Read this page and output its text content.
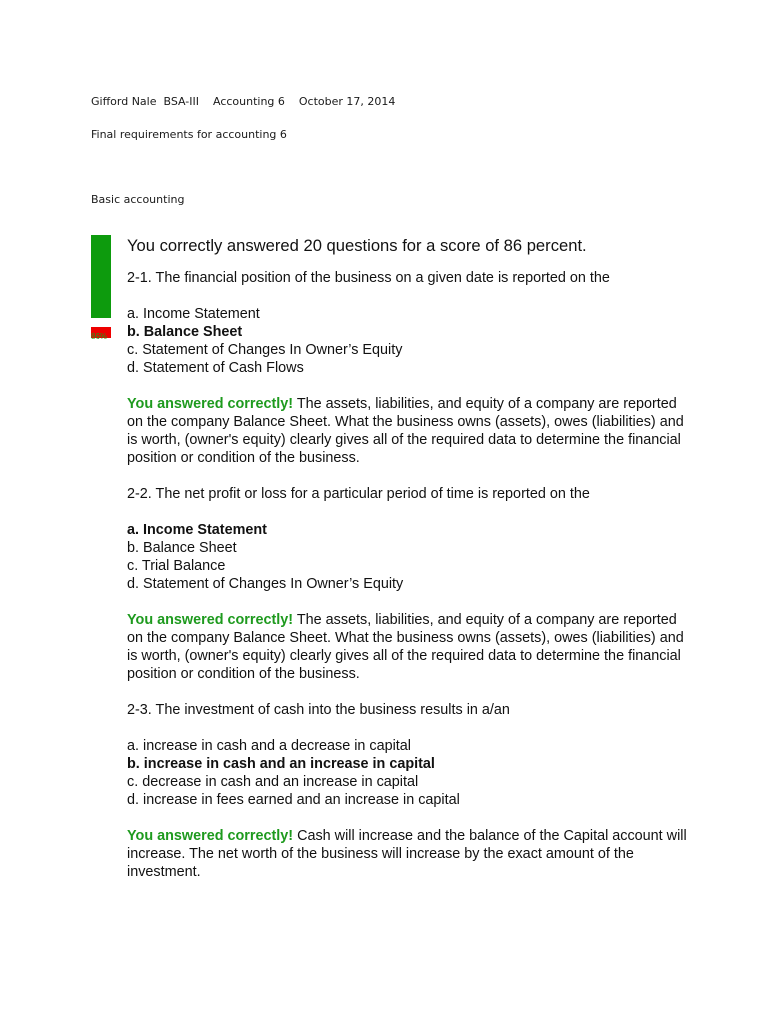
Gifford Nale  BSA-III    Accounting 6    October 17, 2014
Final requirements for accounting 6
Basic accounting
86%
You correctly answered 20 questions for a score of 86 percent.
2-1. The financial position of the business on a given date is reported on the
a. Income Statement
b. Balance Sheet
c. Statement of Changes In Owner’s Equity
d. Statement of Cash Flows
You answered correctly! The assets, liabilities, and equity of a company are reported on the company Balance Sheet. What the business owns (assets), owes (liabilities) and is worth, (owner's equity) clearly gives all of the required data to determine the financial position or condition of the business.
2-2. The net profit or loss for a particular period of time is reported on the
a. Income Statement
b. Balance Sheet
c. Trial Balance
d. Statement of Changes In Owner’s Equity
You answered correctly! The assets, liabilities, and equity of a company are reported on the company Balance Sheet. What the business owns (assets), owes (liabilities) and is worth, (owner's equity) clearly gives all of the required data to determine the financial position or condition of the business.
2-3. The investment of cash into the business results in a/an
a. increase in cash and a decrease in capital
b. increase in cash and an increase in capital
c. decrease in cash and an increase in capital
d. increase in fees earned and an increase in capital
You answered correctly! Cash will increase and the balance of the Capital account will increase. The net worth of the business will increase by the exact amount of the investment.
